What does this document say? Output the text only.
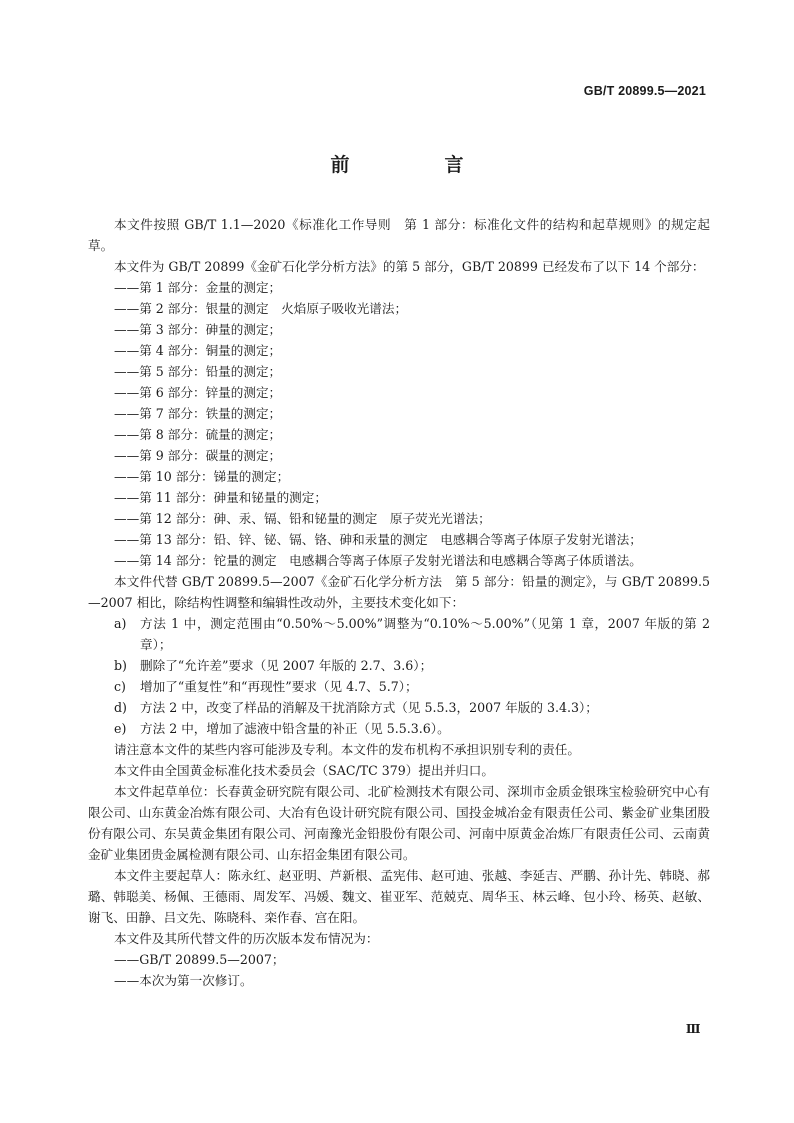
GB/T 20899.5—2021
前　言

本文件按照 GB/T 1.1—2020《标准化工作导则　第 1 部分：标准化文件的结构和起草规则》的规定起草。

本文件为 GB/T 20899《金矿石化学分析方法》的第 5 部分，GB/T 20899 已经发布了以下 14 个部分：

——第 1 部分：金量的测定；

——第 2 部分：银量的测定　火焰原子吸收光谱法；

——第 3 部分：砷量的测定；

——第 4 部分：铜量的测定；

——第 5 部分：铅量的测定；

——第 6 部分：锌量的测定；

——第 7 部分：铁量的测定；

——第 8 部分：硫量的测定；

——第 9 部分：碳量的测定；

——第 10 部分：锑量的测定；

——第 11 部分：砷量和铋量的测定；

——第 12 部分：砷、汞、镉、铅和铋量的测定　原子荧光光谱法；

——第 13 部分：铅、锌、铋、镉、铬、砷和汞量的测定　电感耦合等离子体原子发射光谱法；

——第 14 部分：铊量的测定　电感耦合等离子体原子发射光谱法和电感耦合等离子体质谱法。

本文件代替 GB/T 20899.5—2007《金矿石化学分析方法　第 5 部分：铅量的测定》，与 GB/T 20899.5—2007 相比，除结构性调整和编辑性改动外，主要技术变化如下：

a) 方法 1 中，测定范围由“0.50%～5.00%”调整为“0.10%～5.00%”（见第 1 章，2007 年版的第 2 章）；

b) 删除了“允许差”要求（见 2007 年版的 2.7、3.6）；

c) 增加了“重复性”和“再现性”要求（见 4.7、5.7）；

d) 方法 2 中，改变了样品的消解及干扰消除方式（见 5.5.3，2007 年版的 3.4.3）；

e) 方法 2 中，增加了滤液中铅含量的补正（见 5.5.3.6）。

请注意本文件的某些内容可能涉及专利。本文件的发布机构不承担识别专利的责任。

本文件由全国黄金标准化技术委员会（SAC/TC 379）提出并归口。

本文件起草单位：长春黄金研究院有限公司、北矿检测技术有限公司、深圳市金质金银珠宝检验研究中心有限公司、山东黄金冶炼有限公司、大冶有色设计研究院有限公司、国投金城冶金有限责任公司、紫金矿业集团股份有限公司、东吴黄金集团有限公司、河南豫光金铅股份有限公司、河南中原黄金冶炼厂有限责任公司、云南黄金矿业集团贵金属检测有限公司、山东招金集团有限公司。

本文件主要起草人：陈永红、赵亚明、芦新根、孟宪伟、赵可迪、张越、李延吉、严鹏、孙计先、韩晓、郝璐、韩聪美、杨佩、王德雨、周发军、冯媛、魏文、崔亚军、范兢克、周华玉、林云峰、包小玲、杨英、赵敏、谢飞、田静、吕文先、陈晓科、栾作春、宫在阳。

本文件及其所代替文件的历次版本发布情况为：

——GB/T 20899.5—2007；

——本次为第一次修订。

Ⅲ
